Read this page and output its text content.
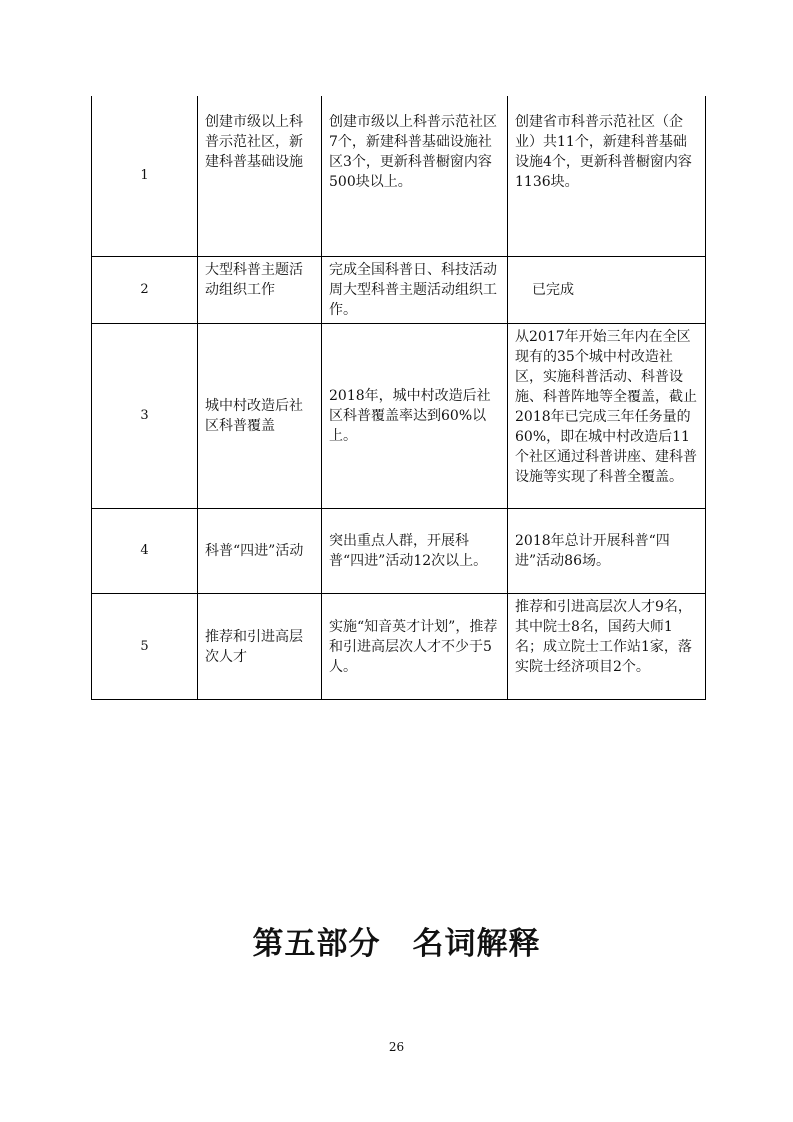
1	创建市级以上科普示范社区，新建科普基础设施	创建市级以上科普示范社区7个，新建科普基础设施社区3个，更新科普橱窗内容500块以上。	创建省市科普示范社区（企业）共11个，新建科普基础设施4个，更新科普橱窗内容1136块。
2	大型科普主题活动组织工作	完成全国科普日、科技活动周大型科普主题活动组织工作。	已完成
3	城中村改造后社区科普覆盖	2018年，城中村改造后社区科普覆盖率达到60%以上。	从2017年开始三年内在全区现有的35个城中村改造社区，实施科普活动、科普设施、科普阵地等全覆盖，截止2018年已完成三年任务量的60%，即在城中村改造后11个社区通过科普讲座、建科普设施等实现了科普全覆盖。
4	科普“四进”活动	突出重点人群，开展科普“四进”活动12次以上。	2018年总计开展科普“四进”活动86场。
5	推荐和引进高层次人才	实施“知音英才计划”，推荐和引进高层次人才不少于5人。	推荐和引进高层次人才9名，其中院士8名，国药大师1名；成立院士工作站1家，落实院士经济项目2个。
第五部分　名词解释
26
